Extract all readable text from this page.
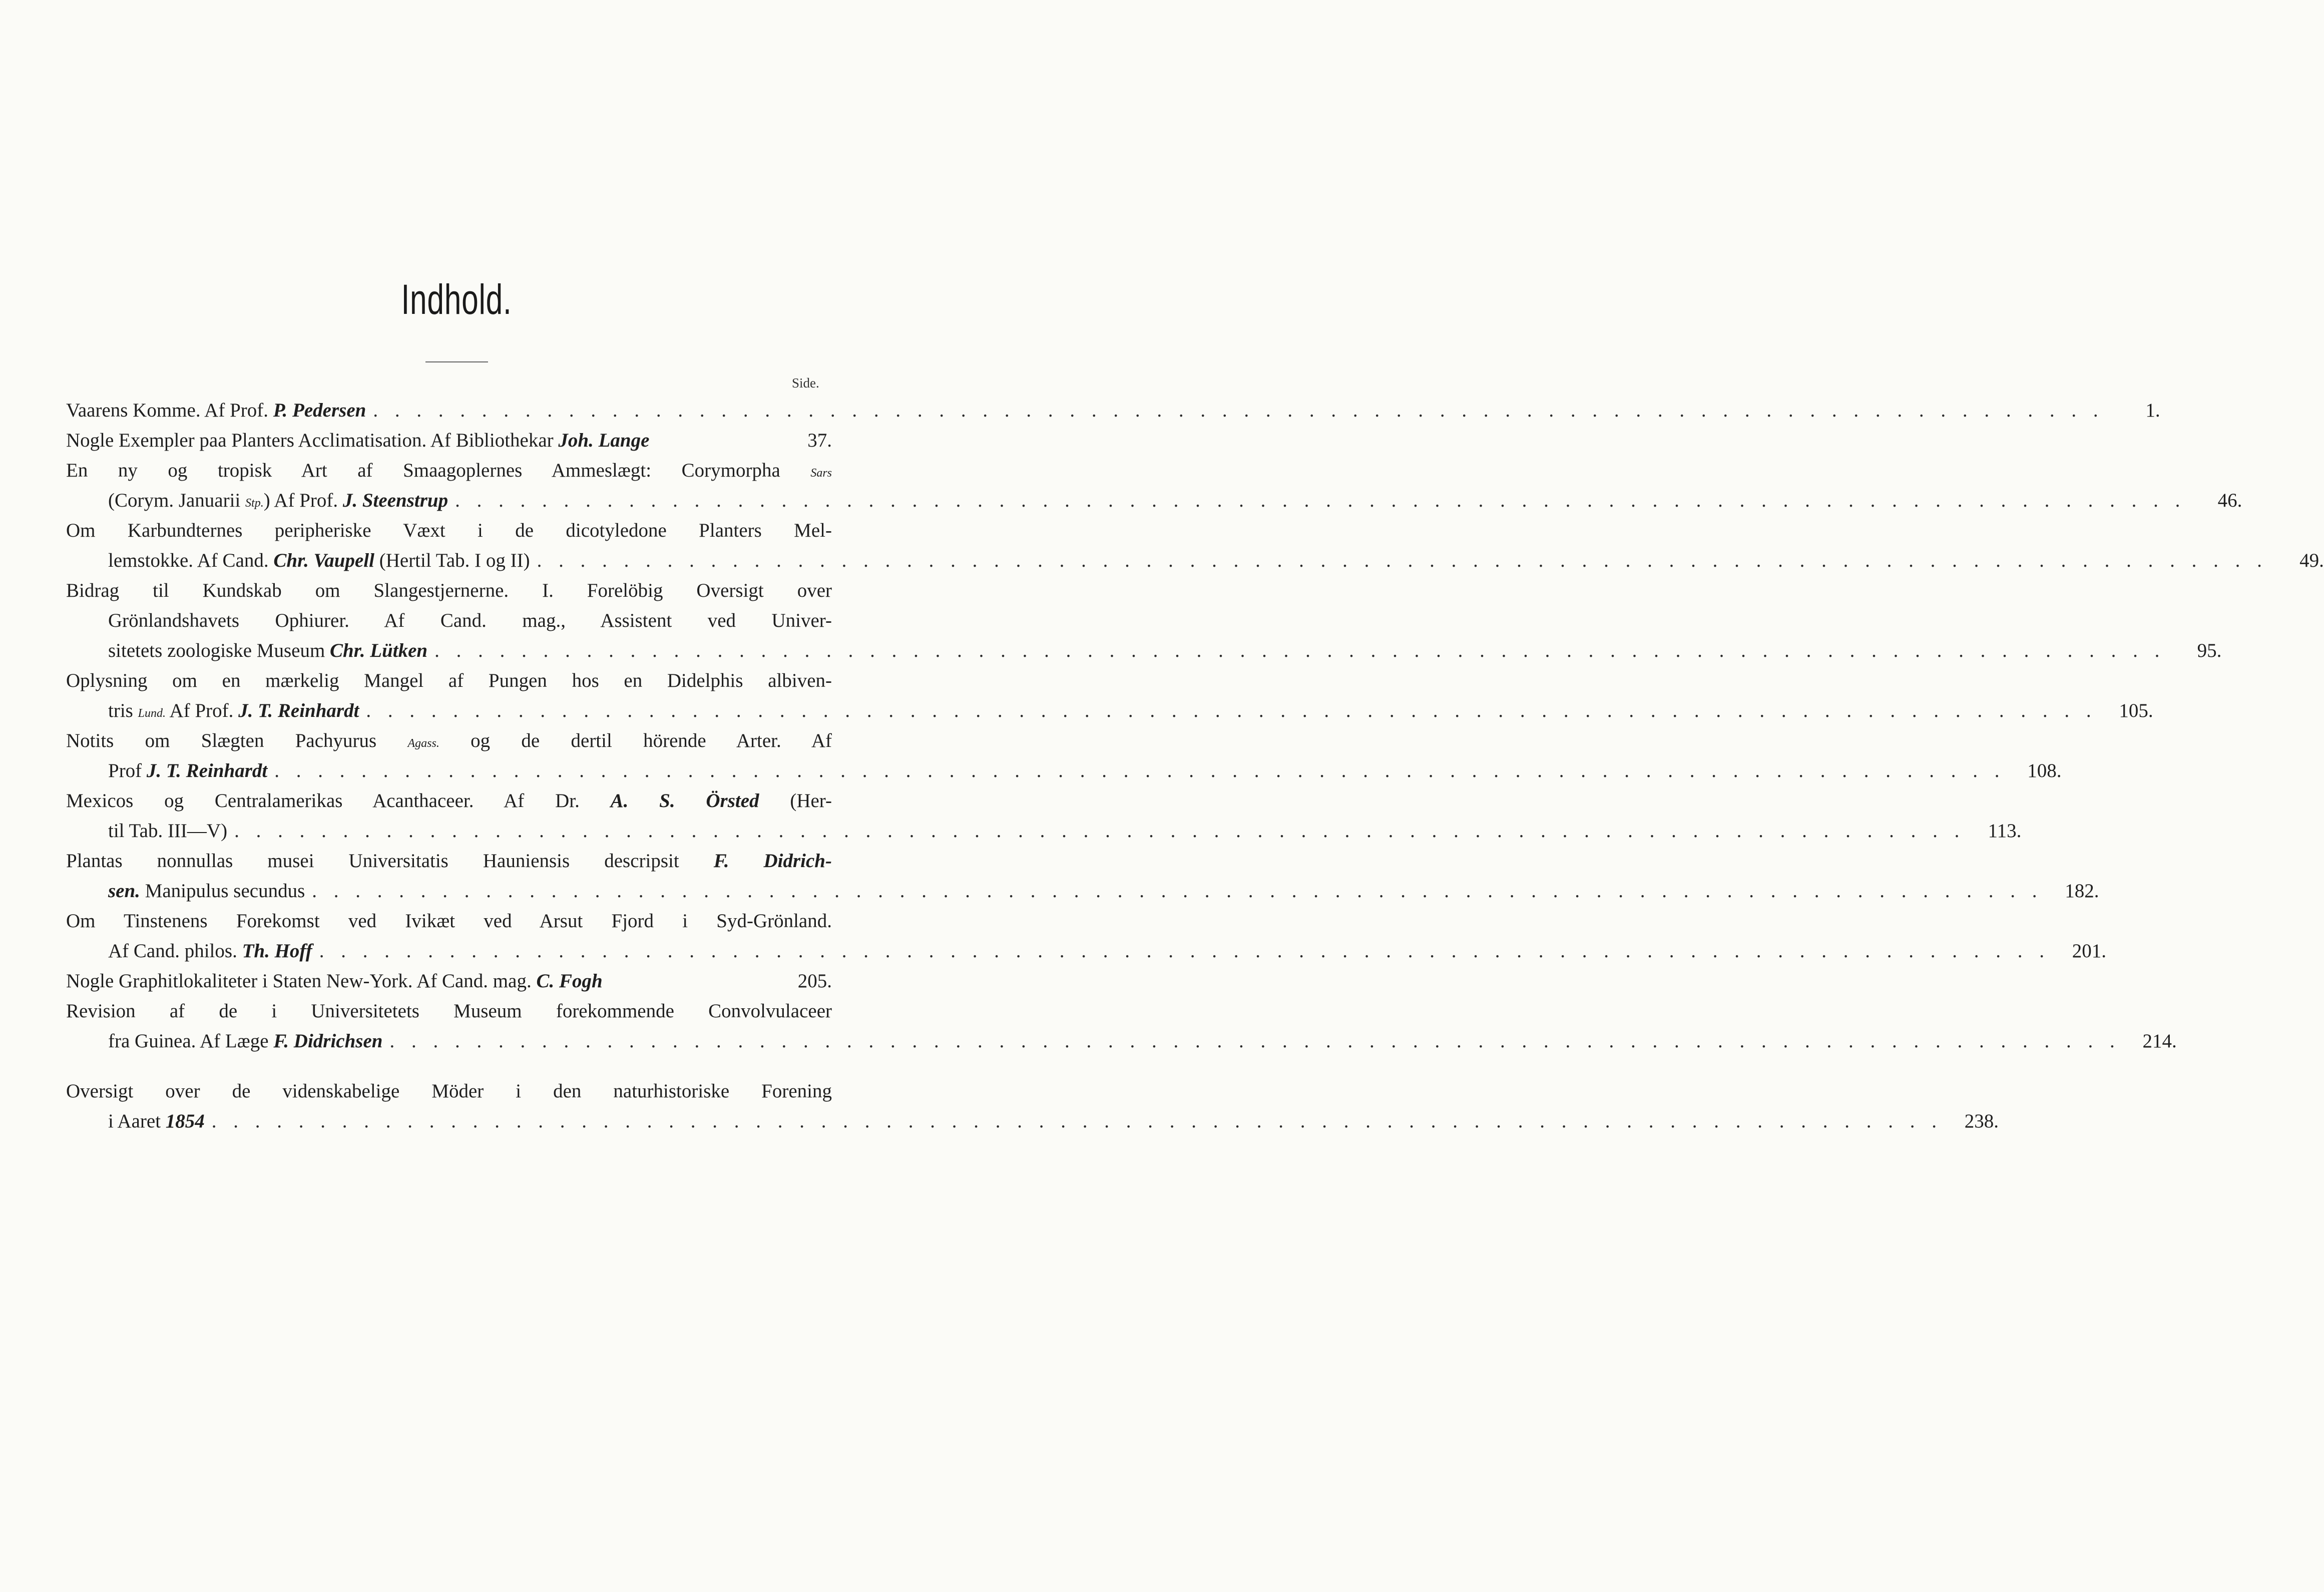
Indhold.
Side.
Vaarens Komme. Af Prof. P. Pedersen . . . . . . . . . . . . . . . . . . . . . . . . . . . . . . . . . . . . . . . . . . . . . . . . . . . . . . . . . . . . . . . . . . . . . . . . . . . . . . . .	1.
Nogle Exempler paa Planters Acclimatisation. Af Bibliothekar Joh. Lange	37.
En ny og tropisk Art af Smaagoplernes Ammeslægt: Corymorpha Sars
(Corym. Januarii Stp.) Af Prof. J. Steenstrup . . . . . . . . . . . . . . . . . . . . . . . . . . . . . . . . . . . . . . . . . . . . . . . . . . . . . . . . . . . . . . . . . . . . . . . . . . . . . . . .	46.
Om Karbundternes peripheriske Væxt i de dicotyledone Planters Mel-
lemstokke. Af Cand. Chr. Vaupell (Hertil Tab. I og II) . . . . . . . . . . . . . . . . . . . . . . . . . . . . . . . . . . . . . . . . . . . . . . . . . . . . . . . . . . . . . . . . . . . . . . . . . . . . . . . .	49.
Bidrag til Kundskab om Slangestjernerne. I. Forelöbig Oversigt over
Grönlandshavets Ophiurer. Af Cand. mag., Assistent ved Univer-
sitetets zoologiske Museum Chr. Lütken . . . . . . . . . . . . . . . . . . . . . . . . . . . . . . . . . . . . . . . . . . . . . . . . . . . . . . . . . . . . . . . . . . . . . . . . . . . . . . . .	95.
Oplysning om en mærkelig Mangel af Pungen hos en Didelphis albiven-
tris Lund. Af Prof. J. T. Reinhardt . . . . . . . . . . . . . . . . . . . . . . . . . . . . . . . . . . . . . . . . . . . . . . . . . . . . . . . . . . . . . . . . . . . . . . . . . . . . . . . .	105.
Notits om Slægten Pachyurus Agass. og de dertil hörende Arter. Af
Prof J. T. Reinhardt . . . . . . . . . . . . . . . . . . . . . . . . . . . . . . . . . . . . . . . . . . . . . . . . . . . . . . . . . . . . . . . . . . . . . . . . . . . . . . . .	108.
Mexicos og Centralamerikas Acanthaceer. Af Dr. A. S. Örsted (Her-
til Tab. III—V) . . . . . . . . . . . . . . . . . . . . . . . . . . . . . . . . . . . . . . . . . . . . . . . . . . . . . . . . . . . . . . . . . . . . . . . . . . . . . . . .	113.
Plantas nonnullas musei Universitatis Hauniensis descripsit F. Didrich-
sen. Manipulus secundus . . . . . . . . . . . . . . . . . . . . . . . . . . . . . . . . . . . . . . . . . . . . . . . . . . . . . . . . . . . . . . . . . . . . . . . . . . . . . . . .	182.
Om Tinstenens Forekomst ved Ivikæt ved Arsut Fjord i Syd-Grönland.
Af Cand. philos. Th. Hoff . . . . . . . . . . . . . . . . . . . . . . . . . . . . . . . . . . . . . . . . . . . . . . . . . . . . . . . . . . . . . . . . . . . . . . . . . . . . . . . .	201.
Nogle Graphitlokaliteter i Staten New-York. Af Cand. mag. C. Fogh	205.
Revision af de i Universitetets Museum forekommende Convolvulaceer
fra Guinea. Af Læge F. Didrichsen . . . . . . . . . . . . . . . . . . . . . . . . . . . . . . . . . . . . . . . . . . . . . . . . . . . . . . . . . . . . . . . . . . . . . . . . . . . . . . . .	214.
Oversigt over de videnskabelige Möder i den naturhistoriske Forening
i Aaret 1854 . . . . . . . . . . . . . . . . . . . . . . . . . . . . . . . . . . . . . . . . . . . . . . . . . . . . . . . . . . . . . . . . . . . . . . . . . . . . . . . .	238.
